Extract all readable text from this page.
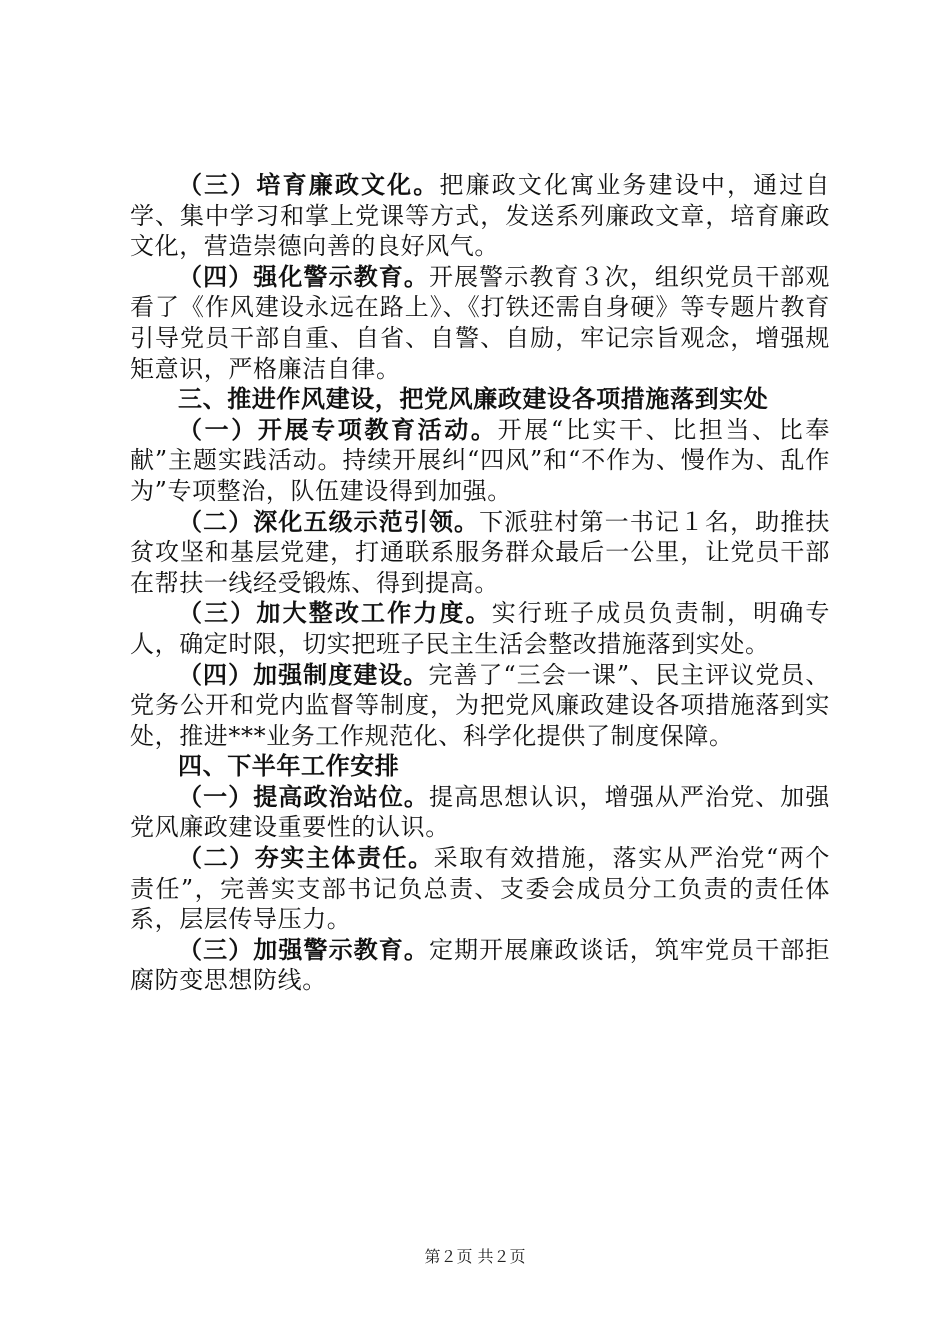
（三）培育廉政文化。把廉政文化寓业务建设中，通过自学、集中学习和掌上党课等方式，发送系列廉政文章，培育廉政文化，营造崇德向善的良好风气。

（四）强化警示教育。开展警示教育３次，组织党员干部观看了《作风建设永远在路上》、《打铁还需自身硬》等专题片教育引导党员干部自重、自省、自警、自励，牢记宗旨观念，增强规矩意识，严格廉洁自律。

三、推进作风建设，把党风廉政建设各项措施落到实处

（一）开展专项教育活动。开展“比实干、比担当、比奉献”主题实践活动。持续开展纠“四风”和“不作为、慢作为、乱作为”专项整治，队伍建设得到加强。

（二）深化五级示范引领。下派驻村第一书记１名，助推扶贫攻坚和基层党建，打通联系服务群众最后一公里，让党员干部在帮扶一线经受锻炼、得到提高。

（三）加大整改工作力度。实行班子成员负责制，明确专人，确定时限，切实把班子民主生活会整改措施落到实处。

（四）加强制度建设。完善了“三会一课”、民主评议党员、党务公开和党内监督等制度，为把党风廉政建设各项措施落到实处，推进***业务工作规范化、科学化提供了制度保障。

四、下半年工作安排

（一）提高政治站位。提高思想认识，增强从严治党、加强党风廉政建设重要性的认识。

（二）夯实主体责任。采取有效措施，落实从严治党“两个责任”，完善实支部书记负总责、支委会成员分工负责的责任体系，层层传导压力。

（三）加强警示教育。定期开展廉政谈话，筑牢党员干部拒腐防变思想防线。

第２页 共２页
